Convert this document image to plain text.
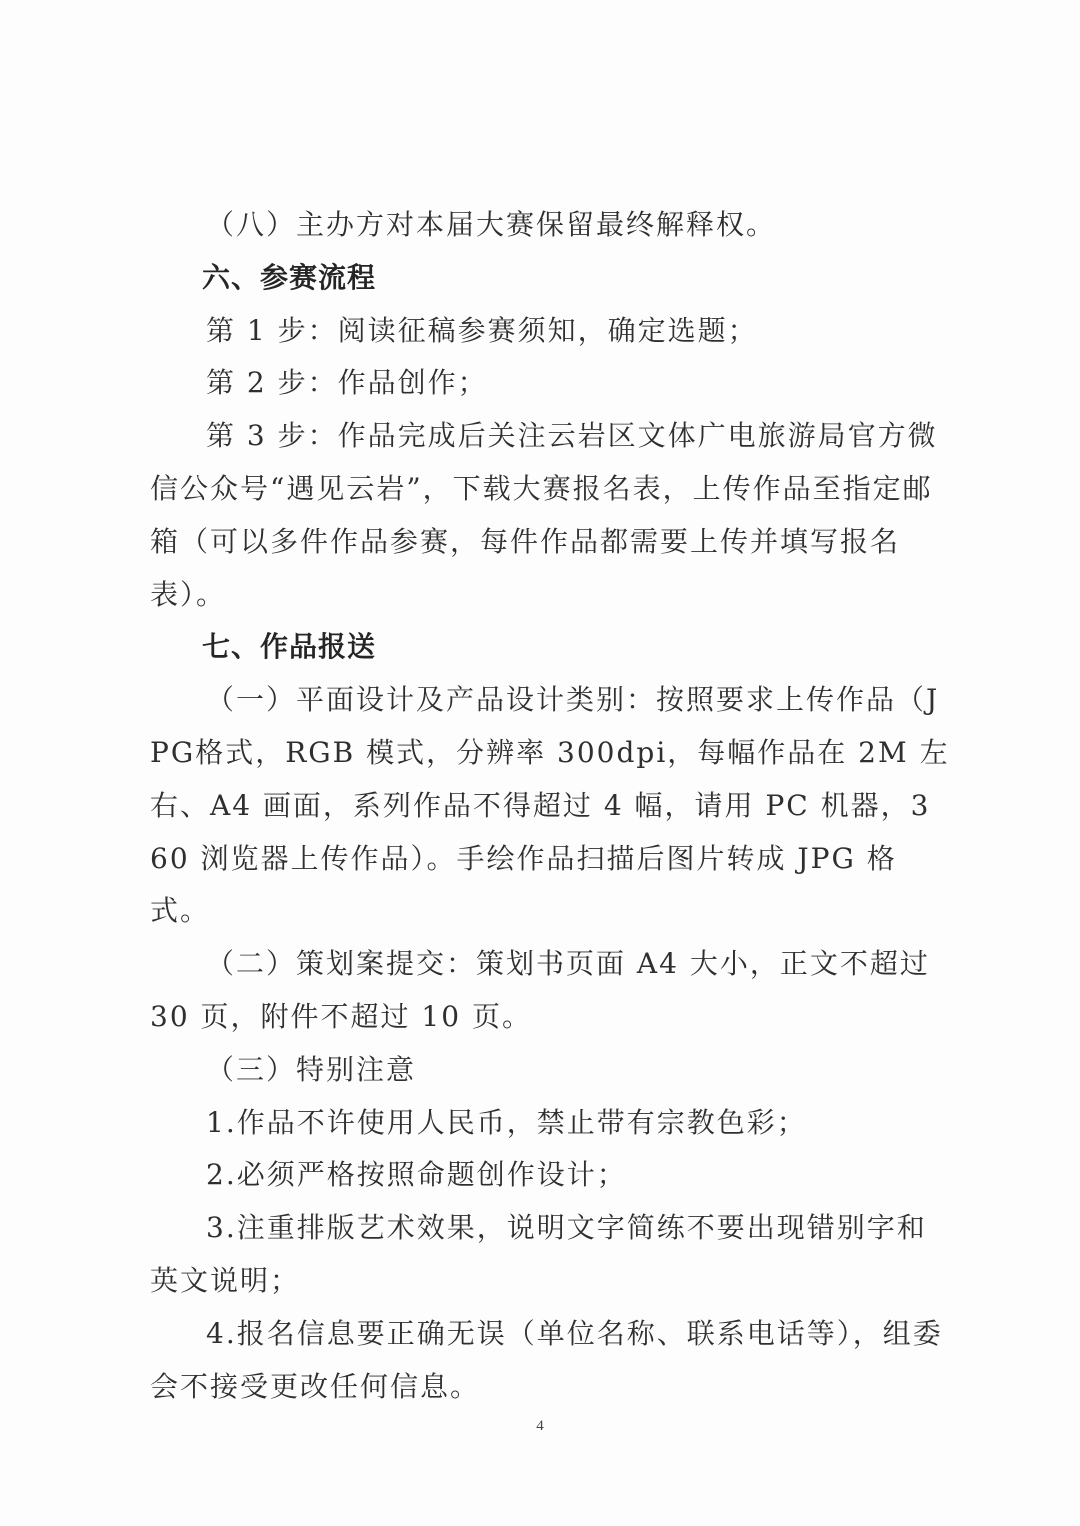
（八）主办方对本届大赛保留最终解释权。

六、参赛流程

第 1 步：阅读征稿参赛须知，确定选题；

第 2 步：作品创作；

第 3 步：作品完成后关注云岩区文体广电旅游局官方微信公众号“遇见云岩”，下载大赛报名表，上传作品至指定邮箱（可以多件作品参赛，每件作品都需要上传并填写报名表）。

七、作品报送

（一）平面设计及产品设计类别：按照要求上传作品（JPG格式，RGB 模式，分辨率 300dpi，每幅作品在 2M 左右、A4 画面，系列作品不得超过 4 幅，请用 PC 机器，360 浏览器上传作品）。手绘作品扫描后图片转成 JPG 格式。

（二）策划案提交：策划书页面 A4 大小，正文不超过 30 页，附件不超过 10 页。

（三）特别注意

1.作品不许使用人民币，禁止带有宗教色彩；

2.必须严格按照命题创作设计；

3.注重排版艺术效果，说明文字简练不要出现错别字和英文说明；

4.报名信息要正确无误（单位名称、联系电话等），组委会不接受更改任何信息。

4
